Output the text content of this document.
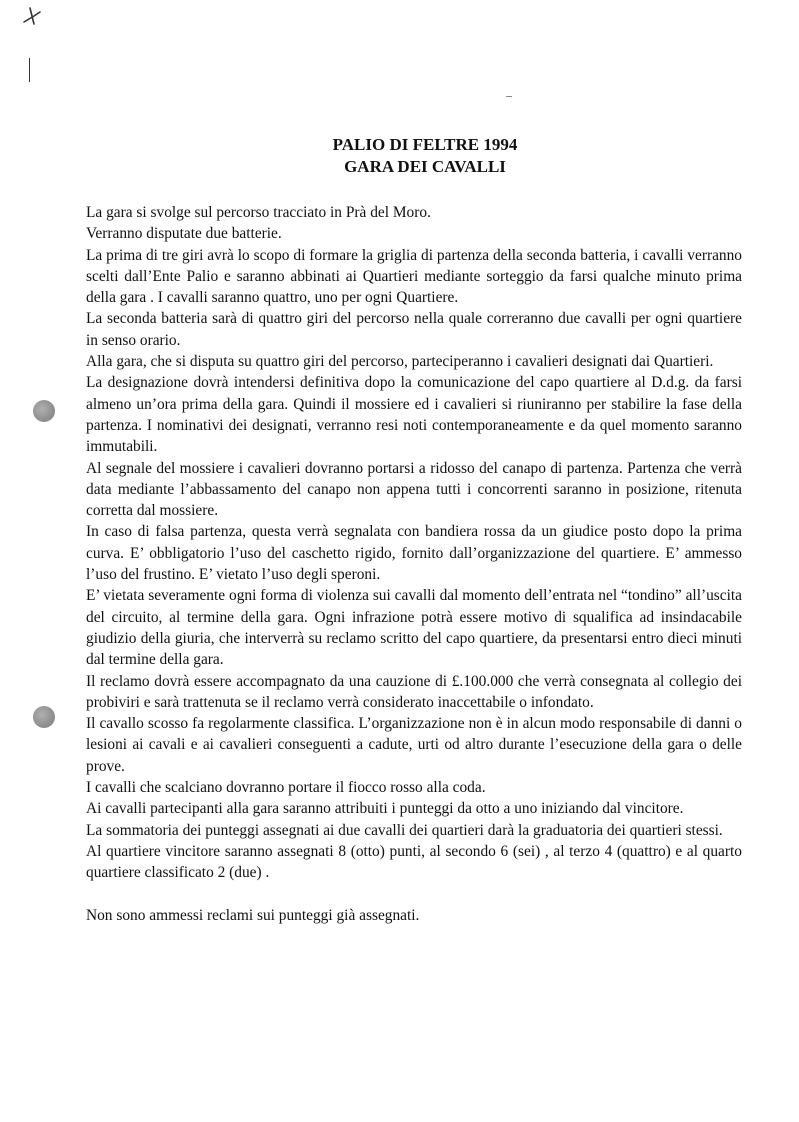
PALIO DI FELTRE 1994
GARA DEI CAVALLI

La gara si svolge sul percorso tracciato in Prà del Moro.

Verranno disputate due batterie.

La prima di tre giri avrà lo scopo di formare la griglia di partenza della seconda batteria, i cavalli verranno scelti dall’Ente Palio e saranno abbinati ai Quartieri mediante sorteggio da farsi qualche minuto prima della gara . I cavalli saranno quattro, uno per ogni Quartiere.

La seconda batteria sarà di quattro giri del percorso nella quale correranno due cavalli per ogni quartiere in senso orario.

Alla gara, che si disputa su quattro giri del percorso, parteciperanno i cavalieri designati dai Quartieri.

La designazione dovrà intendersi definitiva dopo la comunicazione del capo quartiere al D.d.g. da farsi almeno un’ora prima della gara. Quindi il mossiere ed i cavalieri si riuniranno per stabilire la fase della partenza. I nominativi dei designati, verranno resi noti contemporaneamente e da quel momento saranno immutabili.

Al segnale del mossiere i cavalieri dovranno portarsi a ridosso del canapo di partenza. Partenza che verrà data mediante l’abbassamento del canapo non appena tutti i concorrenti saranno in posizione, ritenuta corretta dal mossiere.

In caso di falsa partenza, questa verrà segnalata con bandiera rossa da un giudice posto dopo la prima curva. E’ obbligatorio l’uso del caschetto rigido, fornito dall’organizzazione del quartiere. E’ ammesso l’uso del frustino. E’ vietato l’uso degli speroni.

E’ vietata severamente ogni forma di violenza sui cavalli dal momento dell’entrata nel “tondino” all’uscita del circuito, al termine della gara. Ogni infrazione potrà essere motivo di squalifica ad insindacabile giudizio della giuria, che interverrà su reclamo scritto del capo quartiere, da presentarsi entro dieci minuti dal termine della gara.

Il reclamo dovrà essere accompagnato da una cauzione di £.100.000 che verrà consegnata al collegio dei probiviri e sarà trattenuta se il reclamo verrà considerato inaccettabile o infondato.

Il cavallo scosso fa regolarmente classifica. L’organizzazione non è in alcun modo responsabile di danni o lesioni ai cavali e ai cavalieri conseguenti a cadute, urti od altro durante l’esecuzione della gara o delle prove.

I cavalli che scalciano dovranno portare il fiocco rosso alla coda.

Ai cavalli partecipanti alla gara saranno attribuiti i punteggi da otto a uno iniziando dal vincitore.

La sommatoria dei punteggi assegnati ai due cavalli dei quartieri darà la graduatoria dei quartieri stessi.

Al quartiere vincitore saranno assegnati 8 (otto) punti, al secondo 6 (sei) , al terzo 4 (quattro) e al quarto quartiere classificato 2 (due) .

Non sono ammessi reclami sui punteggi già assegnati.
